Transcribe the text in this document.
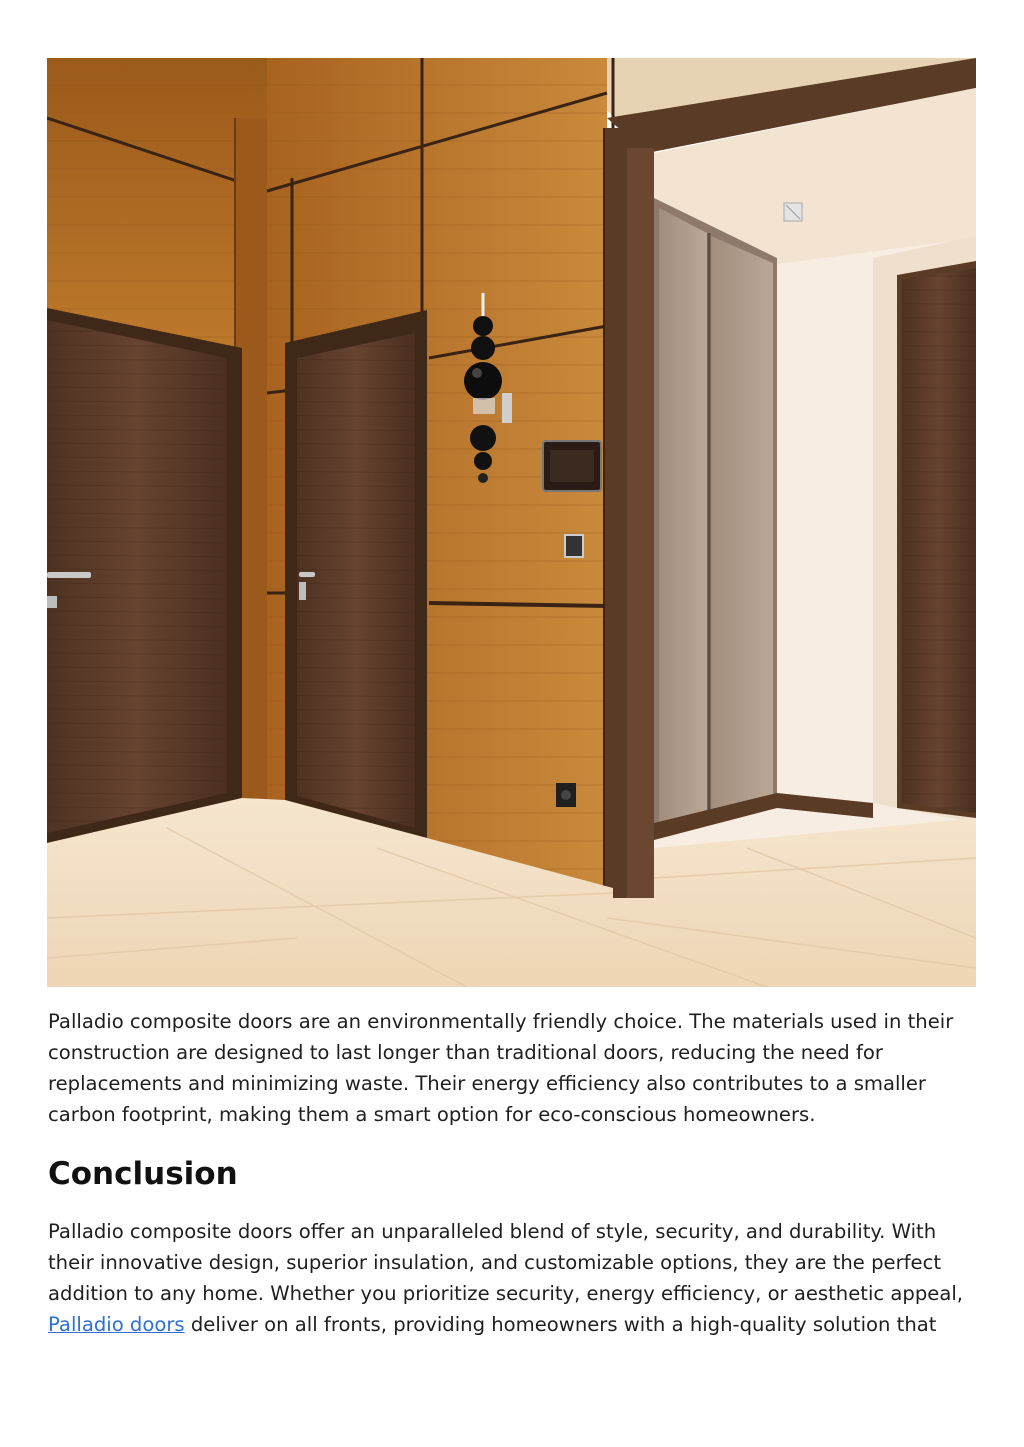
Palladio composite doors are an environmentally friendly choice. The materials used in their construction are designed to last longer than traditional doors, reducing the need for replacements and minimizing waste. Their energy efficiency also contributes to a smaller carbon footprint, making them a smart option for eco-conscious homeowners.

Conclusion

Palladio composite doors offer an unparalleled blend of style, security, and durability. With their innovative design, superior insulation, and customizable options, they are the perfect addition to any home. Whether you prioritize security, energy efficiency, or aesthetic appeal, Palladio doors deliver on all fronts, providing homeowners with a high-quality solution that
